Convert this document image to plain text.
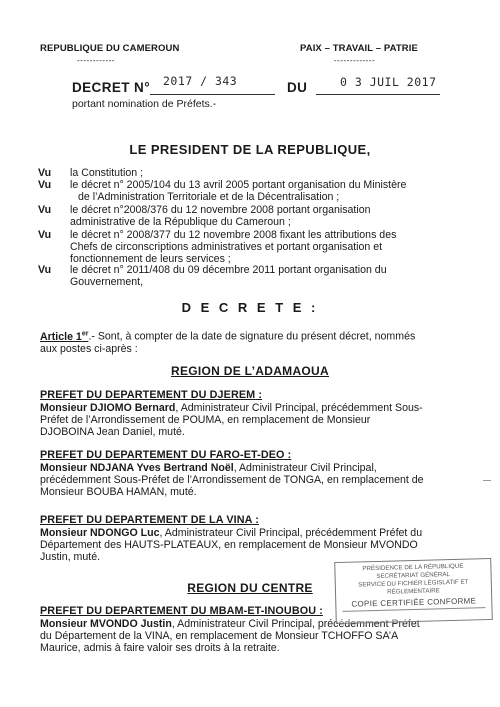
REPUBLIQUE DU CAMEROUN
------------
PAIX – TRAVAIL – PATRIE
-------------
DECRET N° 2017 / 343	DU	0 3 JUIL 2017
portant nomination de Préfets.-
LE PRESIDENT DE LA REPUBLIQUE,
Vu la Constitution ;
Vu le décret n° 2005/104 du 13 avril 2005 portant organisation du Ministère
de l’Administration Territoriale et de la Décentralisation ;
Vu le décret n°2008/376 du 12 novembre 2008 portant organisation
administrative de la République du Cameroun ;
Vu le décret n° 2008/377 du 12 novembre 2008 fixant les attributions des
Chefs de circonscriptions administratives et portant organisation et
fonctionnement de leurs services ;
Vu le décret n° 2011/408 du 09 décembre 2011 portant organisation du
Gouvernement,
D E C R E T E :
Article 1er.- Sont, à compter de la date de signature du présent décret, nommés
aux postes ci-après :
REGION DE L’ADAMAOUA
PREFET DU DEPARTEMENT DU DJEREM :
Monsieur DJIOMO Bernard, Administrateur Civil Principal, précédemment Sous-
Préfet de l’Arrondissement de POUMA, en remplacement de Monsieur
DJOBOINA Jean Daniel, muté.
PREFET DU DEPARTEMENT DU FARO-ET-DEO :
Monsieur NDJANA Yves Bertrand Noël, Administrateur Civil Principal,
précédemment Sous-Préfet de l’Arrondissement de TONGA, en remplacement de
Monsieur BOUBA HAMAN, muté.
PREFET DU DEPARTEMENT DE LA VINA :
Monsieur NDONGO Luc, Administrateur Civil Principal, précédemment Préfet du
Département des HAUTS-PLATEAUX, en remplacement de Monsieur MVONDO
Justin, muté.
REGION DU CENTRE
PREFET DU DEPARTEMENT DU MBAM-ET-INOUBOU :
Monsieur MVONDO Justin, Administrateur Civil Principal, précédemment Préfet
du Département de la VINA, en remplacement de Monsieur TCHOFFO SA’A
Maurice, admis à faire valoir ses droits à la retraite.
PRÉSIDENCE DE LA RÉPUBLIQUE
SECRÉTARIAT GÉNÉRAL
SERVICE DU FICHIER LÉGISLATIF ET RÉGLEMENTAIRE
COPIE CERTIFIÉE CONFORME
